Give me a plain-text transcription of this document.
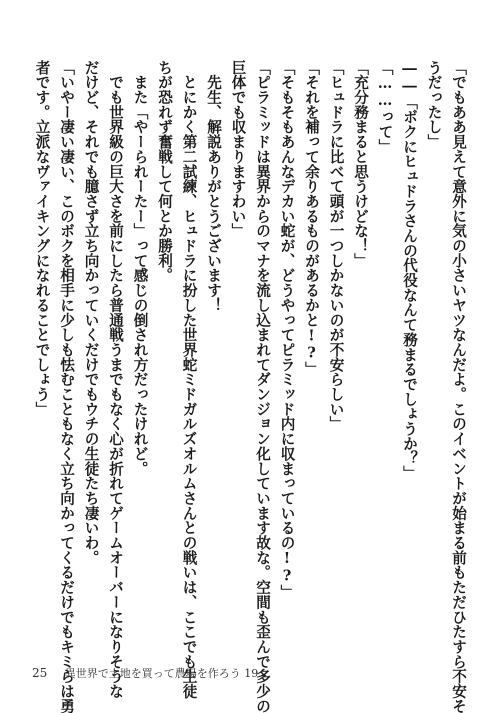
「でもああ見えて意外に気の小さいヤツなんだよ。このイベントが始まる前もただひたすら不安そ
うだったし」
――「ボクにヒュドラさんの代役なんて務まるでしょうか？」
「……って」
「充分務まると思うけどな！」
「ヒュドラに比べて頭が一つしかないのが不安らしい」
「それを補って余りあるものがあるかと!?」
「そもそもあんなデカい蛇が、どうやってピラミッド内に収まっているの!?」
「ピラミッドは異界からのマナを流し込まれてダンジョン化しています故な。空間も歪んで多少の
巨体でも収まりますわい」
　先生、解説ありがとうございます！
　とにかく第二試練、ヒュドラに扮した世界蛇ミドガルズオルムさんとの戦いは、ここでも生徒
ちが恐れず奮戦して何とか勝利。
　また「やーられーたー」って感じの倒され方だったけれど。
　でも世界級の巨大さを前にしたら普通戦うまでもなく心が折れてゲームオーバーになりそうな
だけど、それでも臆さず立ち向かっていくだけでもウチの生徒たち凄いわ。
「いやー凄い凄い、このボクを相手に少しも怯むこともなく立ち向かってくるだけでもキミらは勇
者です。立派なヴァイキングになれることでしょう」
25 異世界で土地を買って農場を作ろう 19
